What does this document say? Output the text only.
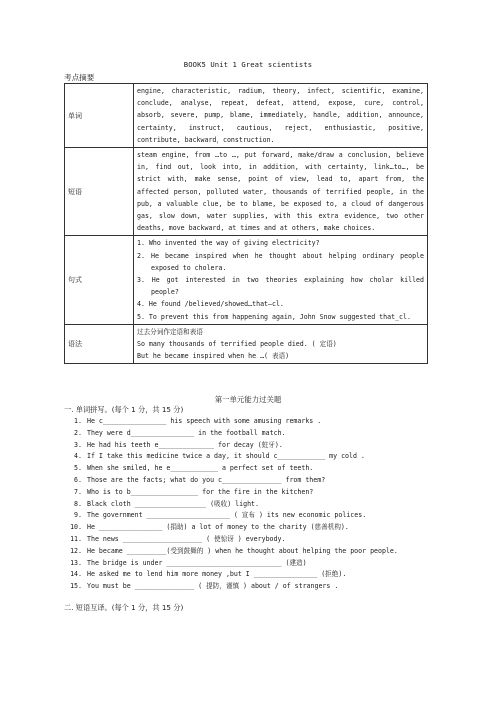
BOOK5 Unit 1 Great scientists
考点摘要
单词	engine, characteristic, radium, theory, infect, scientific, examine, conclude, analyse, repeat, defeat, attend, expose, cure, control, absorb, severe, pump, blame, immediately, handle, addition, announce, certainty, instruct, cautious, reject, enthusiastic, positive, contribute, backward，construction.
短语	steam engine, from …to …, put forward, make/draw a conclusion, believe in, find out, look into, in addition, with certainty, link…to…, be strict with, make sense, point of view, lead to, apart from, the affected person, polluted water, thousands of terrified people, in the pub, a valuable clue, be to blame, be exposed to, a cloud of dangerous gas, slow down, water supplies, with this extra evidence, two other deaths, move backward, at times and at others, make choices.
句式	1. Who invented the way of giving electricity?
2. He became inspired when he thought about helping ordinary people exposed to cholera.
3. He got interested in two theories explaining how cholar killed people?
4. He found /believed/showed…that—cl.
5. To prevent this from happening again, John Snow suggested that_cl.

语法	过去分词作定语和表语
So many thousands of terrified people died. ( 定语)
But he became inspired when he …( 表语)
第一单元能力过关题
一. 单词拼写。(每个 1 分，共 15 分)
1. He c________________ his speech with some amusing remarks .
2. They were d________________ in the football match.
3. He had his teeth e______________ for decay (蛀牙).
4. If I take this medicine twice a day, it should c____________ my cold .
5. When she smiled, he e____________ a perfect set of teeth.
6. Those are the facts; what do you c_______________ from them?
7. Who is to b_________________ for the fire in the kitchen?
8. Black cloth __________________ (吸收) light.
9. The government _____________________ ( 宣布 ) its new economic polices.
10. He ________________ (捐助) a lot of money to the charity (慈善机构).
11. The news ____________________ ( 使惊讶 ) everybody.
12. He became __________(受到鼓舞的 ) when he thought about helping the poor people.
13. The bridge is under _____________________________ (建造)
14. He asked me to lend him more money ,but I ________________ (拒绝).
15. You must be _______________ ( 提防，谨慎 ) about / of strangers .
二. 短语互译。(每个 1 分，共 15 分)
